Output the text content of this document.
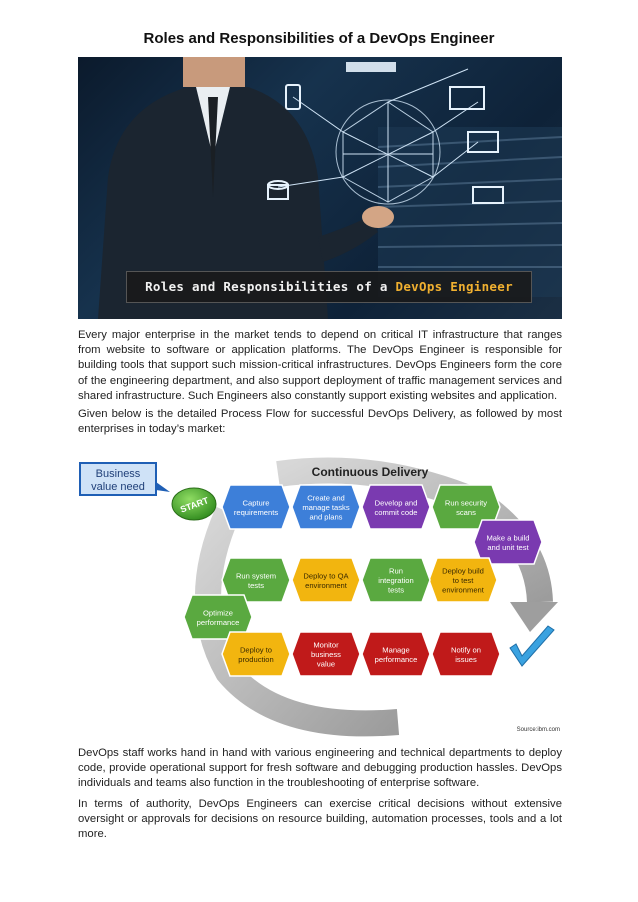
Roles and Responsibilities of a DevOps Engineer
Roles and Responsibilities of a DevOps Engineer
Every major enterprise in the market tends to depend on critical IT infrastructure that ranges from website to software or application platforms. The DevOps Engineer is responsible for building tools that support such mission-critical infrastructures. DevOps Engineers form the core of the engineering department, and also support deployment of traffic management services and shared infrastructure. Such Engineers also constantly support existing websites and application.
Given below is the detailed Process Flow for successful DevOps Delivery, as followed by most enterprises in today’s market:
Continuous Delivery
Business
value need
START	Capture
requirements
Create and
manage tasks
and plans
Develop and
commit code
Run security
scans
Make a build
and unit test
Deploy build
to test
environment
Run
integration
tests
Deploy to QA
environment
Run system
tests
Optimize
performance
Deploy to
production
Monitor
business
value
Manage
performance
Notify on
issues
Source:ibm.com
DevOps staff works hand in hand with various engineering and technical departments to deploy code, provide operational support for fresh software and debugging production hassles. DevOps individuals and teams also function in the troubleshooting of enterprise software.
In terms of authority, DevOps Engineers can exercise critical decisions without extensive oversight or approvals for decisions on resource building, automation processes, tools and a lot more.
